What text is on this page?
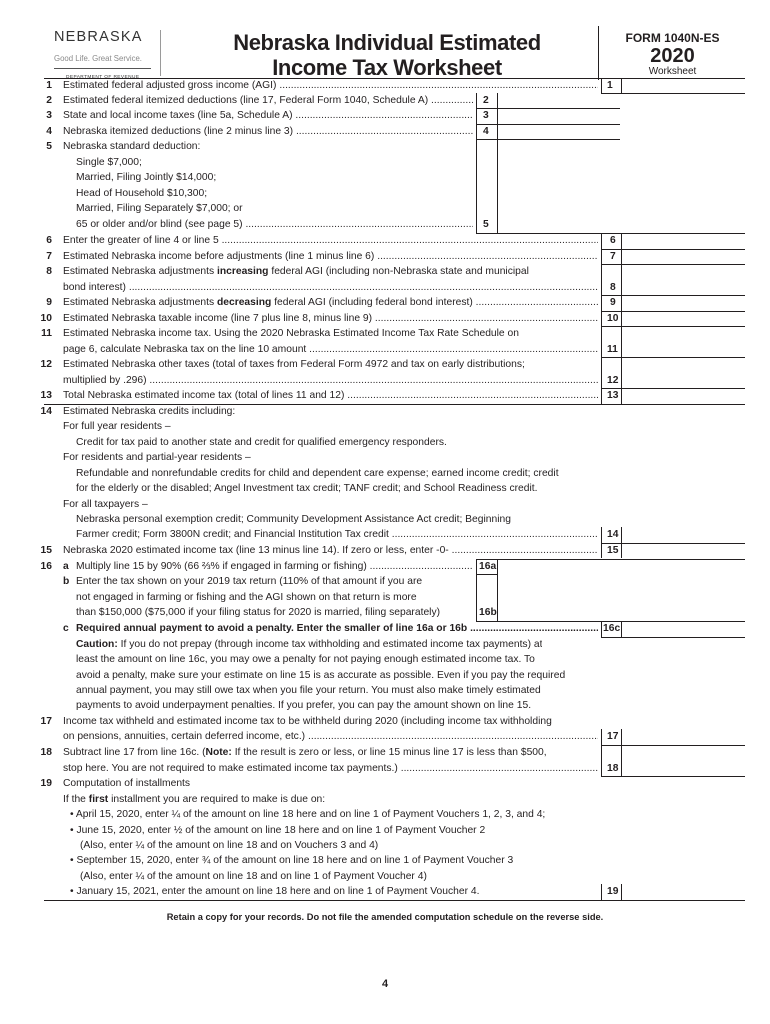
NEBRASKA
Good Life. Great Service.
DEPARTMENT OF REVENUE
Nebraska Individual Estimated
Income Tax Worksheet
FORM 1040N-ES
2020
Worksheet
1 Estimated federal adjusted gross income (AGI) .....	1
2 Estimated federal itemized deductions (line 17, Federal Form 1040, Schedule A) .....	2
3 State and local income taxes (line 5a, Schedule A) .....	3
4 Nebraska itemized deductions (line 2 minus line 3) .....	4
5 Nebraska standard deduction:
Single $7,000;
Married, Filing Jointly $14,000;
Head of Household $10,300;
Married, Filing Separately $7,000; or
65 or older and/or blind (see page 5) .....	5
6 Enter the greater of line 4 or line 5 .....	6
7 Estimated Nebraska income before adjustments (line 1 minus line 6) .....	7
8 Estimated Nebraska adjustments increasing federal AGI (including non-Nebraska state and municipal
bond interest) .....	8
9 Estimated Nebraska adjustments decreasing federal AGI (including federal bond interest) .....	9
10 Estimated Nebraska taxable income (line 7 plus line 8, minus line 9) .....	10
11 Estimated Nebraska income tax. Using the 2020 Nebraska Estimated Income Tax Rate Schedule on
page 6, calculate Nebraska tax on the line 10 amount .....	11
12 Estimated Nebraska other taxes (total of taxes from Federal Form 4972 and tax on early distributions;
multiplied by .296) .....	12
13 Total Nebraska estimated income tax (total of lines 11 and 12) .....	13
14 Estimated Nebraska credits including:
For full year residents –
Credit for tax paid to another state and credit for qualified emergency responders.
For residents and partial-year residents –
Refundable and nonrefundable credits for child and dependent care expense; earned income credit; credit
for the elderly or the disabled; Angel Investment tax credit; TANF credit; and School Readiness credit.
For all taxpayers –
Nebraska personal exemption credit; Community Development Assistance Act credit; Beginning
Farmer credit; Form 3800N credit; and Financial Institution Tax credit .....	14
15 Nebraska 2020 estimated income tax (line 13 minus line 14). If zero or less, enter -0- .....	15
16 a Multiply line 15 by 90% (66 ⅔% if engaged in farming or fishing) .....	16a
b Enter the tax shown on your 2019 tax return (110% of that amount if you are
not engaged in farming or fishing and the AGI shown on that return is more
than $150,000 ($75,000 if your filing status for 2020 is married, filing separately)	16b
c Required annual payment to avoid a penalty. Enter the smaller of line 16a or 16b .....	16c
Caution: If you do not prepay (through income tax withholding and estimated income tax payments) at
least the amount on line 16c, you may owe a penalty for not paying enough estimated income tax. To
avoid a penalty, make sure your estimate on line 15 is as accurate as possible. Even if you pay the required
annual payment, you may still owe tax when you file your return. You must also make timely estimated
payments to avoid underpayment penalties. If you prefer, you can pay the amount shown on line 15.
17 Income tax withheld and estimated income tax to be withheld during 2020 (including income tax withholding
on pensions, annuities, certain deferred income, etc.) .....	17
18 Subtract line 17 from line 16c. (Note: If the result is zero or less, or line 15 minus line 17 is less than $500,
stop here. You are not required to make estimated income tax payments.) .....	18
19 Computation of installments
If the first installment you are required to make is due on:
• April 15, 2020, enter ¼ of the amount on line 18 here and on line 1 of Payment Vouchers 1, 2, 3, and 4;
• June 15, 2020, enter ½ of the amount on line 18 here and on line 1 of Payment Voucher 2
(Also, enter ¼ of the amount on line 18 and on Vouchers 3 and 4)
• September 15, 2020, enter ¾ of the amount on line 18 here and on line 1 of Payment Voucher 3
(Also, enter ¼ of the amount on line 18 and on line 1 of Payment Voucher 4)
• January 15, 2021, enter the amount on line 18 here and on line 1 of Payment Voucher 4.	19
Retain a copy for your records. Do not file the amended computation schedule on the reverse side.
4
